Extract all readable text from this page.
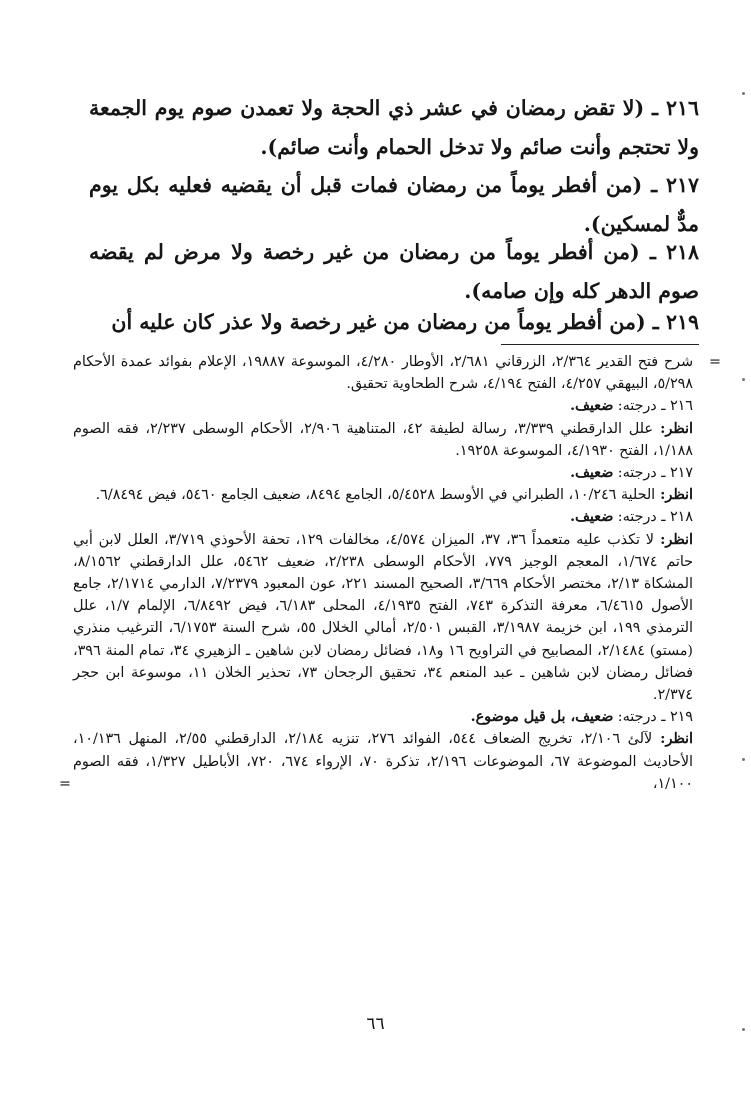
٢١٦ ـ (لا تقض رمضان في عشر ذي الحجة ولا تعمدن صوم يوم الجمعة ولا تحتجم وأنت صائم ولا تدخل الحمام وأنت صائم).

٢١٧ ـ (من أفطر يوماً من رمضان فمات قبل أن يقضيه فعليه بكل يوم مدٌّ لمسكين).

٢١٨ ـ (من أفطر يوماً من رمضان من غير رخصة ولا مرض لم يقضه صوم الدهر كله وإن صامه).

٢١٩ ـ (من أفطر يوماً من رمضان من غير رخصة ولا عذر كان عليه أن

=
شرح فتح القدير ٢/٣٦٤، الزرقاني ٢/٦٨١، الأوطار ٤/٢٨٠، الموسوعة ١٩٨٨٧، الإعلام بفوائد عمدة الأحكام ٥/٢٩٨، البيهقي ٤/٢٥٧، الفتح ٤/١٩٤، شرح الطحاوية تحقيق.

٢١٦ ـ درجته: ضعيف.

انظر: علل الدارقطني ٣/٣٣٩، رسالة لطيفة ٤٢، المتناهية ٢/٩٠٦، الأحكام الوسطى ٢/٢٣٧، فقه الصوم ١/١٨٨، الفتح ٤/١٩٣٠، الموسوعة ١٩٢٥٨.

٢١٧ ـ درجته: ضعيف.

انظر: الحلية ١٠/٢٤٦، الطبراني في الأوسط ٥/٤٥٢٨، الجامع ٨٤٩٤، ضعيف الجامع ٥٤٦٠، فيض ٦/٨٤٩٤.

٢١٨ ـ درجته: ضعيف.

انظر: لا تكذب عليه متعمداً ٣٦، ٣٧، الميزان ٤/٥٧٤، مخالفات ١٢٩، تحفة الأحوذي ٣/٧١٩، العلل لابن أبي حاتم ١/٦٧٤، المعجم الوجيز ٧٧٩، الأحكام الوسطى ٢/٢٣٨، ضعيف ٥٤٦٢، علل الدارقطني ٨/١٥٦٢، المشكاة ٢/١٣، مختصر الأحكام ٣/٦٦٩، الصحيح المسند ٢٢١، عون المعبود ٧/٢٣٧٩، الدارمي ٢/١٧١٤، جامع الأصول ٦/٤٦١٥، معرفة التذكرة ٧٤٣، الفتح ٤/١٩٣٥، المحلى ٦/١٨٣، فيض ٦/٨٤٩٢، الإلمام ١/٧، علل الترمذي ١٩٩، ابن خزيمة ٣/١٩٨٧، القبس ٢/٥٠١، أمالي الخلال ٥٥، شرح السنة ٦/١٧٥٣، الترغيب منذري (مستو) ٢/١٤٨٤، المصابيح في التراويح ١٦ و١٨، فضائل رمضان لابن شاهين ـ الزهيري ٣٤، تمام المنة ٣٩٦، فضائل رمضان لابن شاهين ـ عبد المنعم ٣٤، تحقيق الرجحان ٧٣، تحذير الخلان ١١، موسوعة ابن حجر ٢/٣٧٤.

٢١٩ ـ درجته: ضعيف، بل قيل موضوع.

انظر: لآلئ ٢/١٠٦، تخريج الضعاف ٥٤٤، الفوائد ٢٧٦، تنزيه ٢/١٨٤، الدارقطني ٢/٥٥، المنهل ١٠/١٣٦، الأحاديث الموضوعة ٦٧، الموضوعات ٢/١٩٦، تذكرة ٧٠، الإرواء ٦٧٤، ٧٢٠، الأباطيل ١/٣٢٧، فقه الصوم ١/١٠٠،
=

٦٦
